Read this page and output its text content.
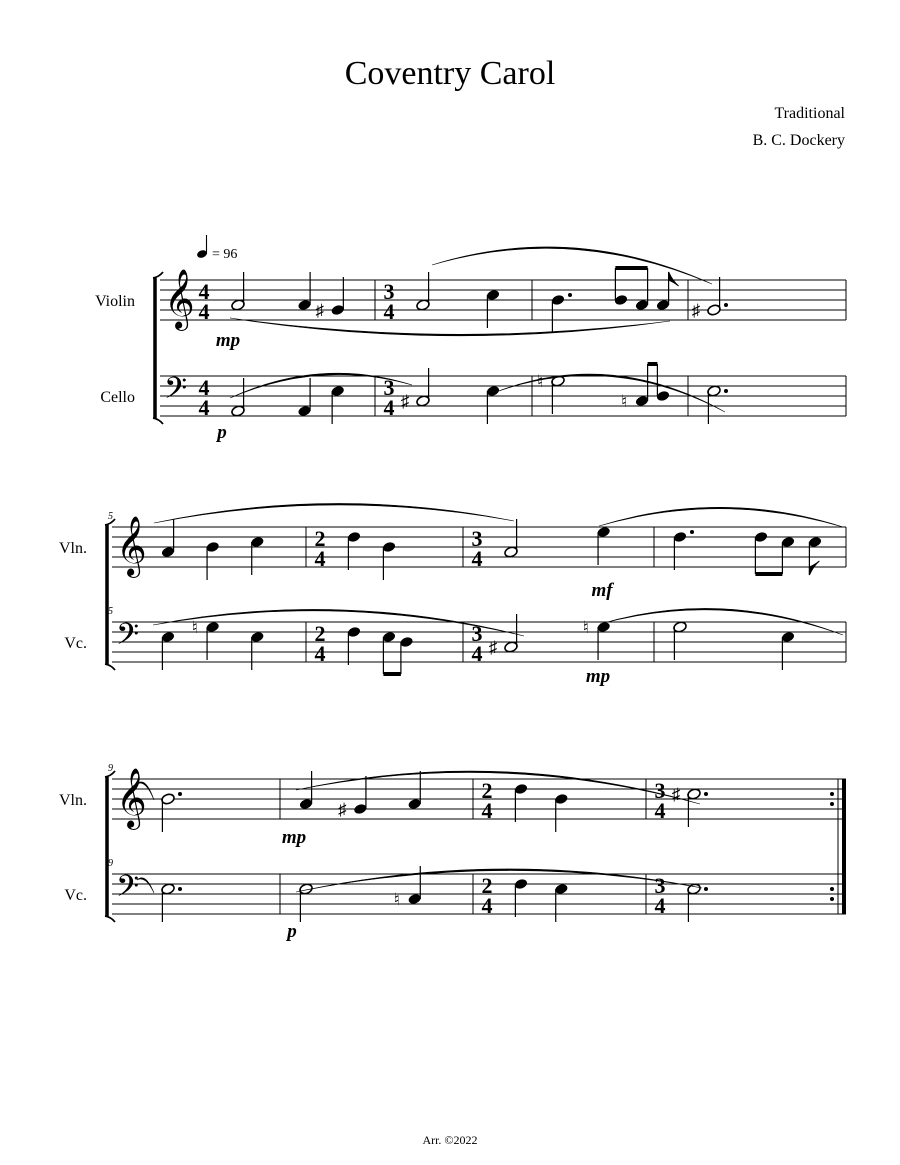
Coventry Carol
Traditional
B. C. Dockery
Violin
Cello
𝄞
𝄢
4
4
4
4
♯
3
4
3
4 ♯
♮
♮
♯
Vln.
Vc.
5
5
𝄞
𝄢	♮
2
4
2
4
3
4
3
4 ♯
♮
Vln.
Vc.
9
9
𝄞
𝄢
♯
♮
2
4
2
4
3
4
3
4
♯
mp
p
mf
mp
mp
p
= 96
Arr. ©2022
